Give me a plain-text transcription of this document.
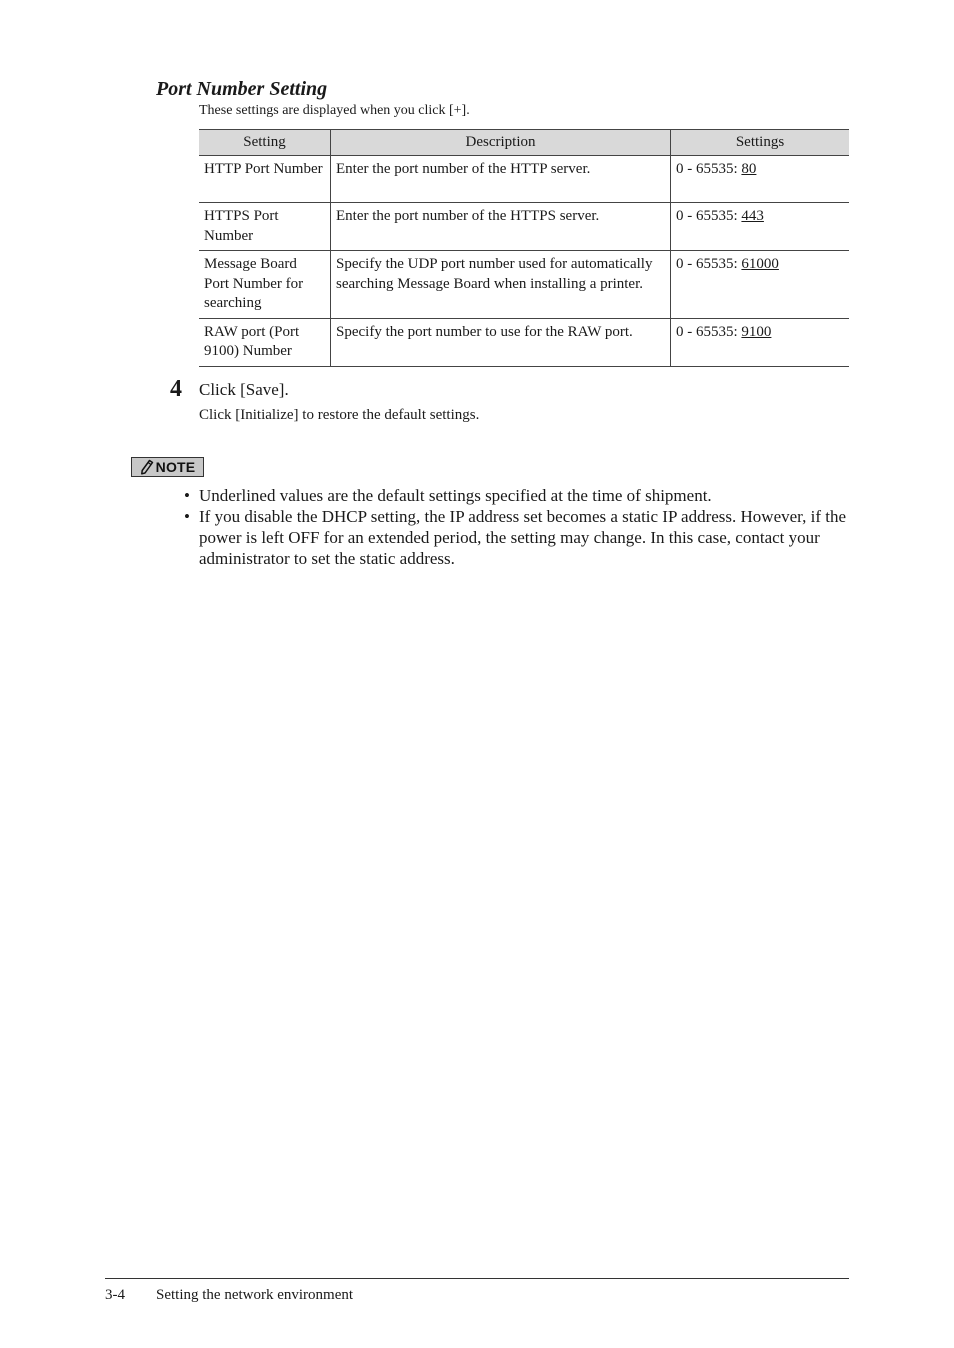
Port Number Setting
These settings are displayed when you click [+].
Setting	Description	Settings
HTTP Port Number	Enter the port number of the HTTP server.	0 - 65535: 80
HTTPS Port Number	Enter the port number of the HTTPS server.	0 - 65535: 443
Message Board Port Number for searching	Specify the UDP port number used for automatically searching Message Board when installing a printer.	0 - 65535: 61000
RAW port (Port 9100) Number	Specify the port number to use for the RAW port.	0 - 65535: 9100
4 Click [Save].
Click [Initialize] to restore the default settings.
NOTE
• Underlined values are the default settings specified at the time of shipment.
• If you disable the DHCP setting, the IP address set becomes a static IP address. However, if the power is left OFF for an extended period, the setting may change. In this case, contact your administrator to set the static address.
3-4 Setting the network environment
